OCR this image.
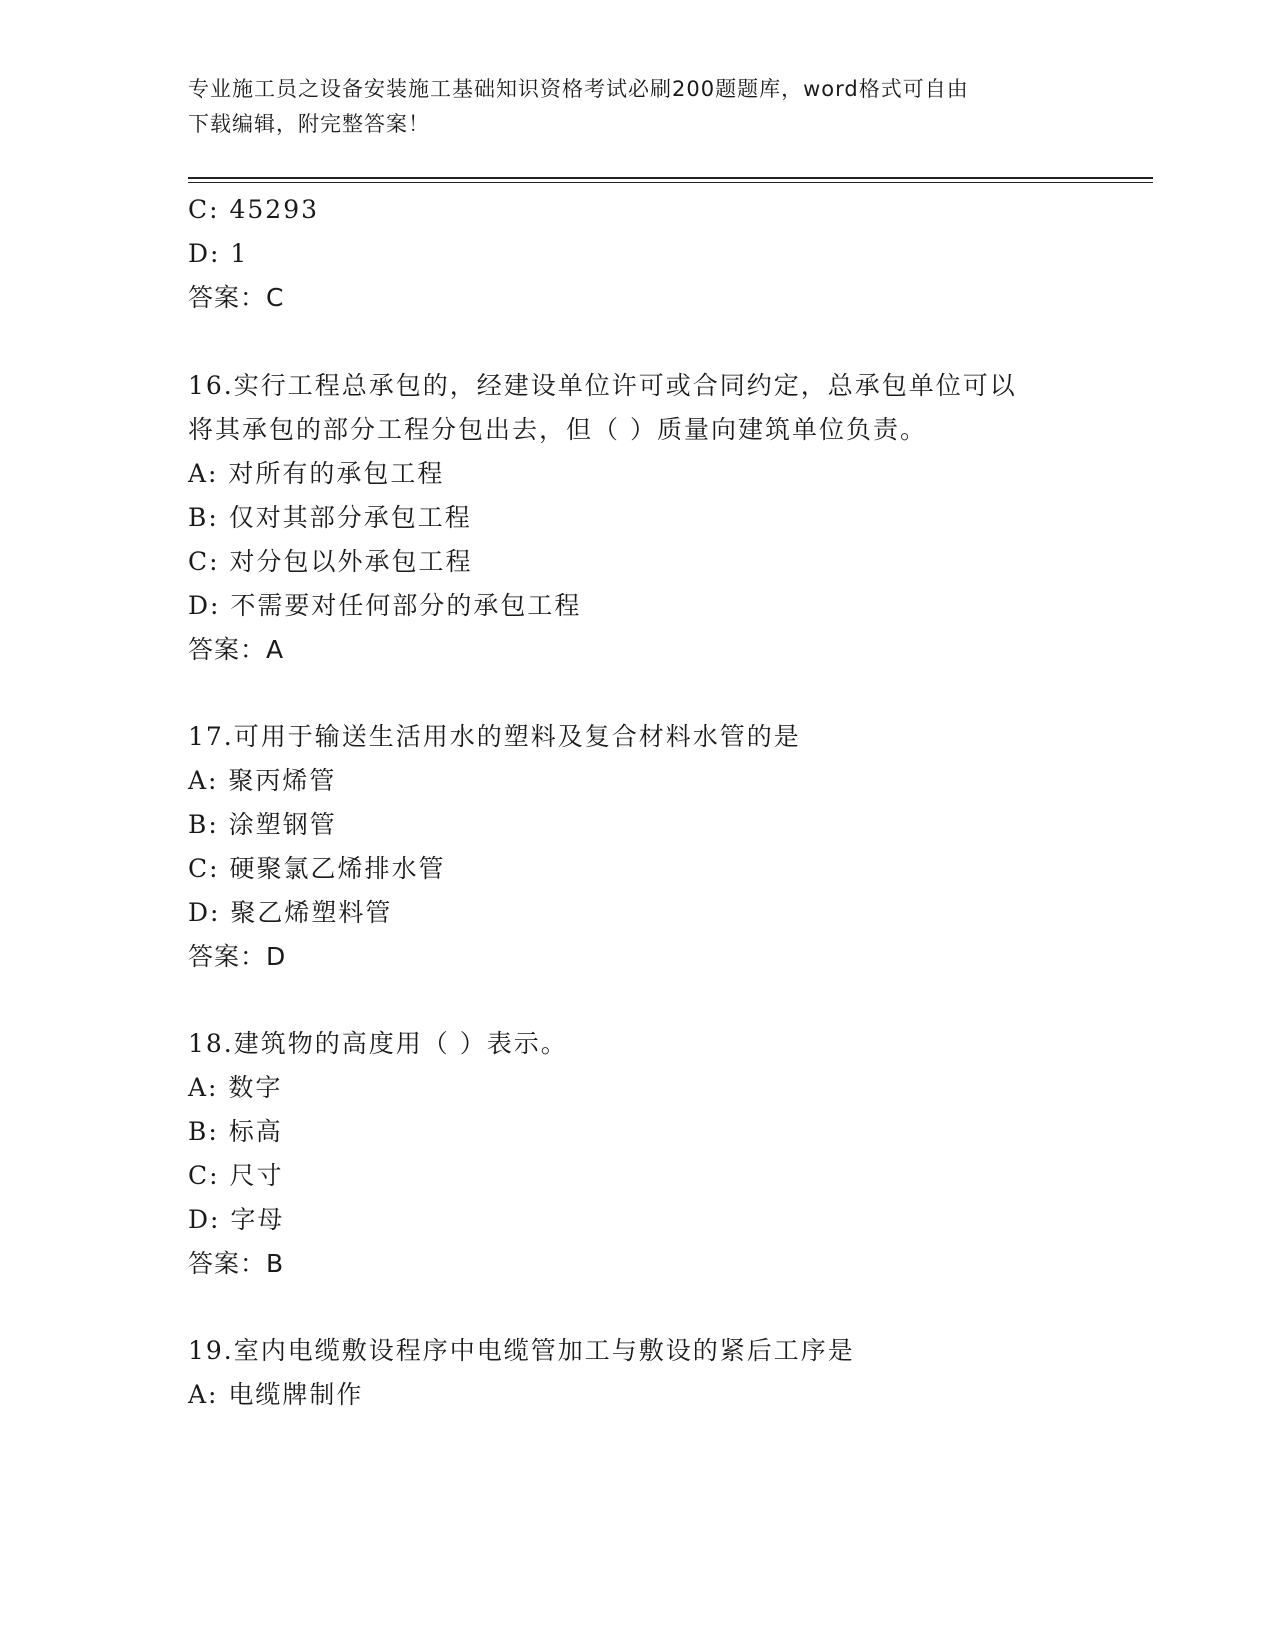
专业施工员之设备安装施工基础知识资格考试必刷200题题库，word格式可自由
下载编辑，附完整答案！
C: 45293
D: 1
答案：C
16.实行工程总承包的，经建设单位许可或合同约定，总承包单位可以
将其承包的部分工程分包出去，但（ ）质量向建筑单位负责。
A: 对所有的承包工程
B: 仅对其部分承包工程
C: 对分包以外承包工程
D: 不需要对任何部分的承包工程
答案：A
17.可用于输送生活用水的塑料及复合材料水管的是
A: 聚丙烯管
B: 涂塑钢管
C: 硬聚氯乙烯排水管
D: 聚乙烯塑料管
答案：D
18.建筑物的高度用（ ）表示。
A: 数字
B: 标高
C: 尺寸
D: 字母
答案：B
19.室内电缆敷设程序中电缆管加工与敷设的紧后工序是
A: 电缆牌制作
